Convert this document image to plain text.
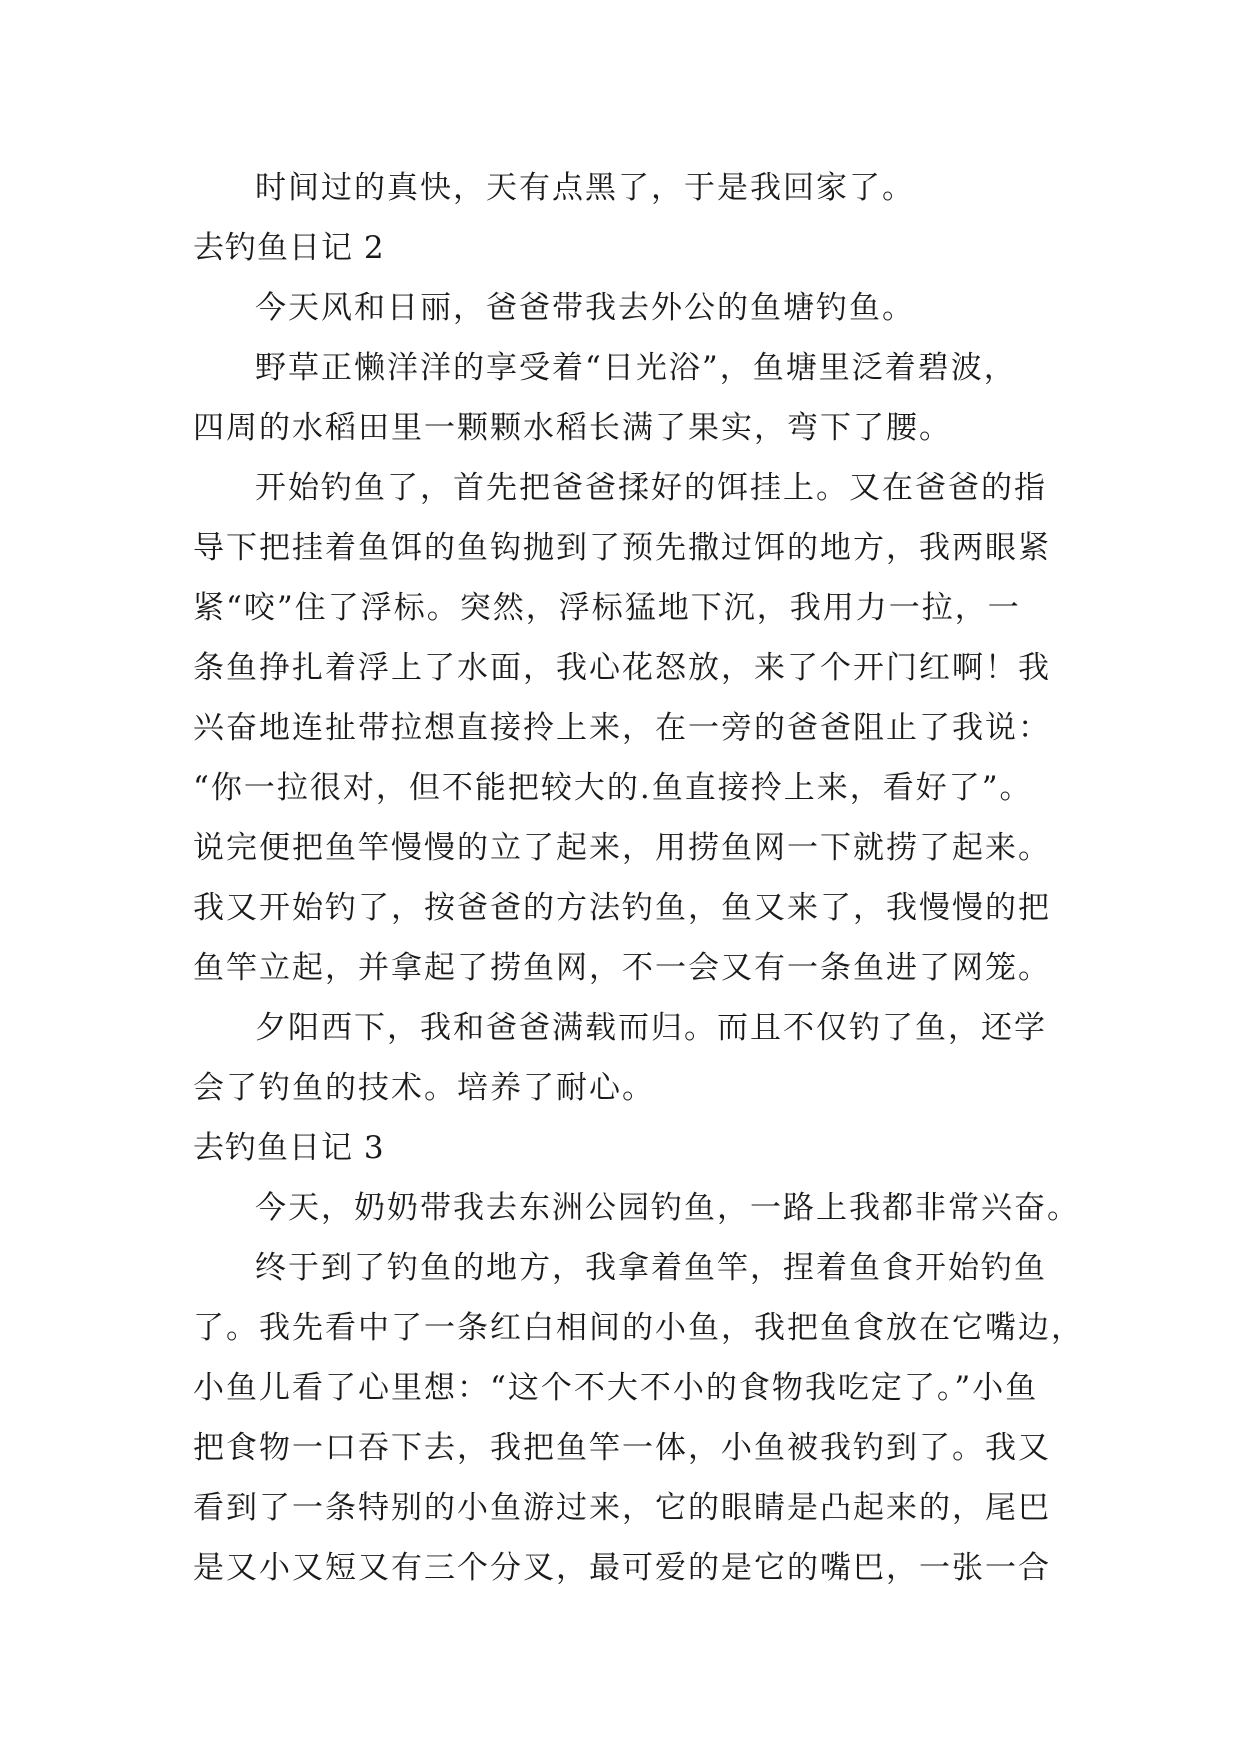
时间过的真快，天有点黑了，于是我回家了。
去钓鱼日记 2
今天风和日丽，爸爸带我去外公的鱼塘钓鱼。
野草正懒洋洋的享受着“日光浴”，鱼塘里泛着碧波，
四周的水稻田里一颗颗水稻长满了果实，弯下了腰。
开始钓鱼了，首先把爸爸揉好的饵挂上。又在爸爸的指
导下把挂着鱼饵的鱼钩抛到了预先撒过饵的地方，我两眼紧
紧“咬”住了浮标。突然，浮标猛地下沉，我用力一拉，一
条鱼挣扎着浮上了水面，我心花怒放，来了个开门红啊！我
兴奋地连扯带拉想直接拎上来，在一旁的爸爸阻止了我说：
“你一拉很对，但不能把较大的.鱼直接拎上来，看好了”。
说完便把鱼竿慢慢的立了起来，用捞鱼网一下就捞了起来。
我又开始钓了，按爸爸的方法钓鱼，鱼又来了，我慢慢的把
鱼竿立起，并拿起了捞鱼网，不一会又有一条鱼进了网笼。
夕阳西下，我和爸爸满载而归。而且不仅钓了鱼，还学
会了钓鱼的技术。培养了耐心。
去钓鱼日记 3
今天，奶奶带我去东洲公园钓鱼，一路上我都非常兴奋。
终于到了钓鱼的地方，我拿着鱼竿，捏着鱼食开始钓鱼
了。我先看中了一条红白相间的小鱼，我把鱼食放在它嘴边，
小鱼儿看了心里想：“这个不大不小的食物我吃定了。”小鱼
把食物一口吞下去，我把鱼竿一体，小鱼被我钓到了。我又
看到了一条特别的小鱼游过来，它的眼睛是凸起来的，尾巴
是又小又短又有三个分叉，最可爱的是它的嘴巴，一张一合
